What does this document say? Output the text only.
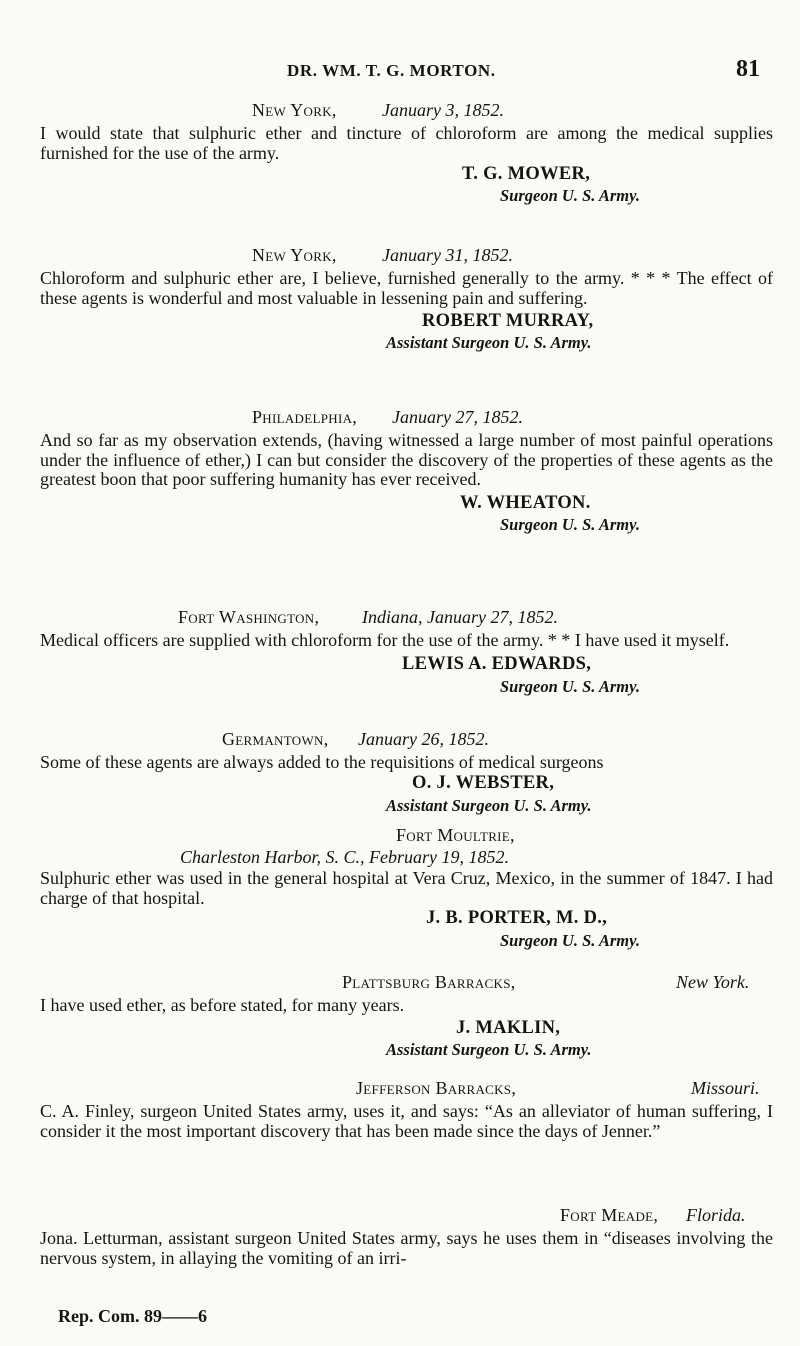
DR. WM. T. G. MORTON.	81
New York,	January 3, 1852.

I would state that sulphuric ether and tincture of chloroform are among the medical supplies furnished for the use of the army.

T. G. MOWER,
Surgeon U. S. Army.
New York,	January 31, 1852.

Chloroform and sulphuric ether are, I believe, furnished generally to the army. * * * The effect of these agents is wonderful and most valuable in lessening pain and suffering.

ROBERT MURRAY,
Assistant Surgeon U. S. Army.
Philadelphia, January 27, 1852.

And so far as my observation extends, (having witnessed a large number of most painful operations under the influence of ether,) I can but consider the discovery of the properties of these agents as the greatest boon that poor suffering humanity has ever received.

W. WHEATON.
Surgeon U. S. Army.
Fort Washington, Indiana, January 27, 1852.

Medical officers are supplied with chloroform for the use of the army. * * I have used it myself.

LEWIS A. EDWARDS,
Surgeon U. S. Army.
Germantown, January 26, 1852.

Some of these agents are always added to the requisitions of medical surgeons

O. J. WEBSTER,
Assistant Surgeon U. S. Army.
Fort Moultrie,
Charleston Harbor, S. C., February 19, 1852.

Sulphuric ether was used in the general hospital at Vera Cruz, Mexico, in the summer of 1847. I had charge of that hospital.

J. B. PORTER, M. D.,
Surgeon U. S. Army.
Plattsburg Barracks,	New York.

I have used ether, as before stated, for many years.

J. MAKLIN,
Assistant Surgeon U. S. Army.
Jefferson Barracks,	Missouri.

C. A. Finley, surgeon United States army, uses it, and says: “As an alleviator of human suffering, I consider it the most important discovery that has been made since the days of Jenner.”

Fort Meade, Florida.

Jona. Letturman, assistant surgeon United States army, says he uses them in “diseases involving the nervous system, in allaying the vomiting of an irri-

Rep. Com. 89——6
